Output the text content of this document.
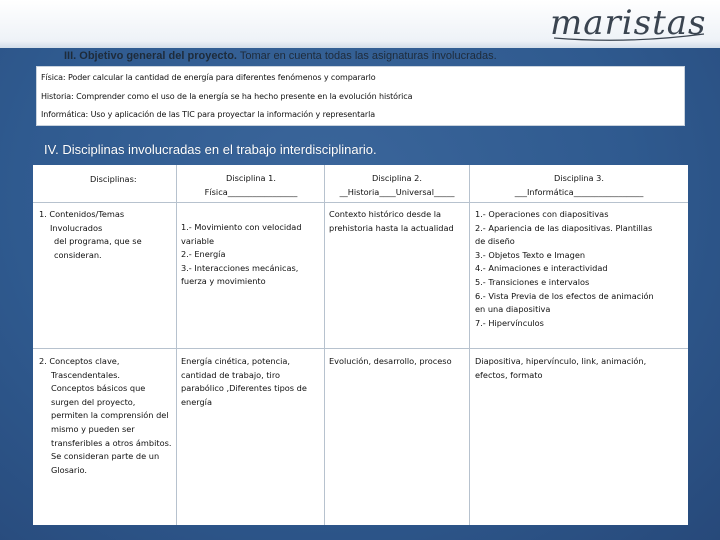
maristas
III. Objetivo general del proyecto. Tomar en cuenta todas las asignaturas involucradas.
Física: Poder calcular la cantidad de energía para diferentes fenómenos y compararlo
Historia: Comprender como el uso de la energía se ha hecho presente en la evolución histórica
Informática: Uso y aplicación de las TIC para proyectar la información y representarla
IV. Disciplinas involucradas en el trabajo interdisciplinario.
Disciplinas:	Disciplina 1.
Física_________________
Disciplina 2.
__Historia____Universal_____
Disciplina 3.
___Informática_________________
1. Contenidos/Temas
Involucrados
del programa, que se
consideran.
1.- Movimiento con velocidad
variable
2.- Energía
3.- Interacciones mecánicas,
fuerza y movimiento
Contexto histórico desde la
prehistoria hasta la actualidad
1.- Operaciones con diapositivas
2.- Apariencia de las diapositivas. Plantillas
de diseño
3.- Objetos Texto e Imagen
4.- Animaciones e interactividad
5.- Transiciones e intervalos
6.- Vista Previa de los efectos de animación
en una diapositiva
7.- Hipervínculos
2. Conceptos clave,
Trascendentales.
Conceptos básicos que
surgen del proyecto,
permiten la comprensión del
mismo y pueden ser
transferibles a otros ámbitos.
Se consideran parte de un
Glosario.
Energía cinética, potencia,
cantidad de trabajo, tiro
parabólico ,Diferentes tipos de
energía
Evolución, desarrollo, proceso	Diapositiva, hipervínculo, link, animación,
efectos, formato
